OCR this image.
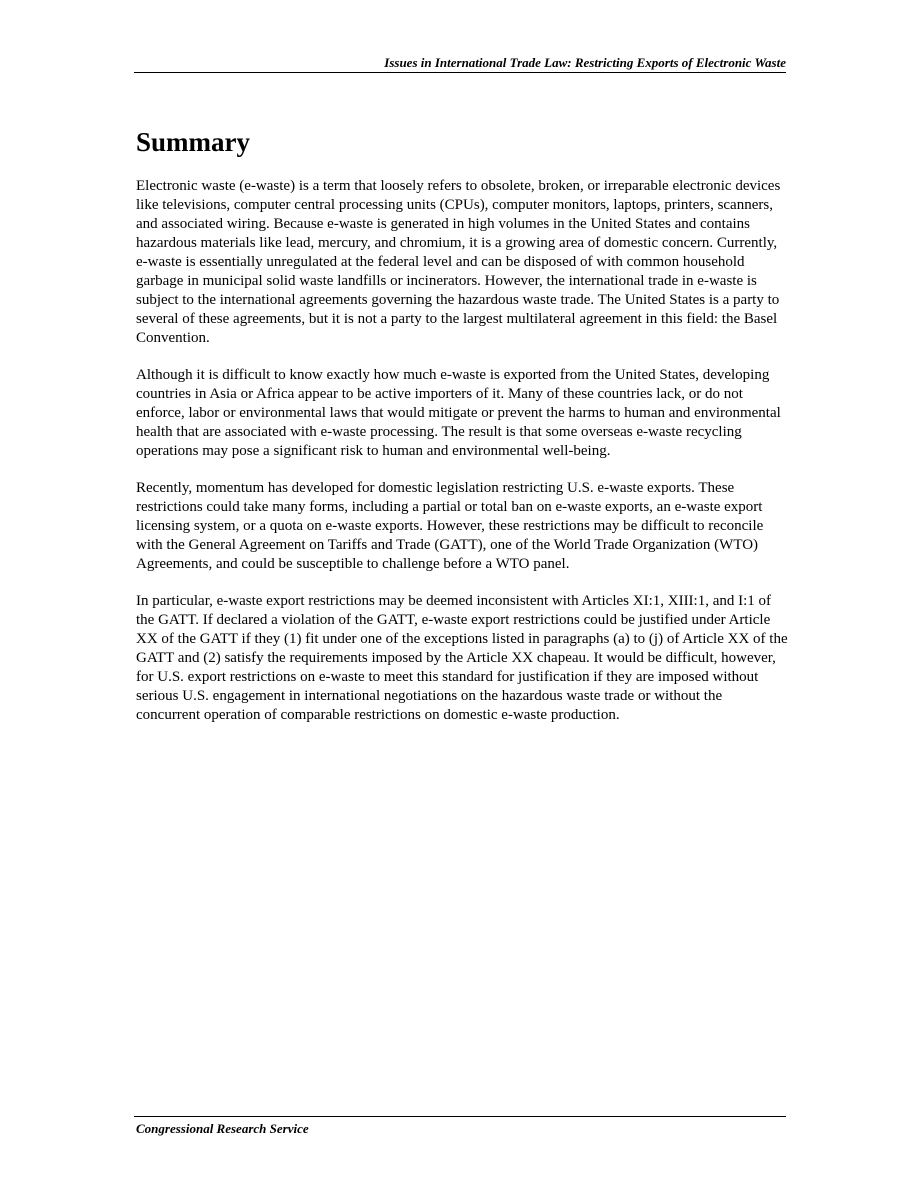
Issues in International Trade Law: Restricting Exports of Electronic Waste
Summary

Electronic waste (e-waste) is a term that loosely refers to obsolete, broken, or irreparable electronic devices like televisions, computer central processing units (CPUs), computer monitors, laptops, printers, scanners, and associated wiring. Because e-waste is generated in high volumes in the United States and contains hazardous materials like lead, mercury, and chromium, it is a growing area of domestic concern. Currently, e-waste is essentially unregulated at the federal level and can be disposed of with common household garbage in municipal solid waste landfills or incinerators. However, the international trade in e-waste is subject to the international agreements governing the hazardous waste trade. The United States is a party to several of these agreements, but it is not a party to the largest multilateral agreement in this field: the Basel Convention.

Although it is difficult to know exactly how much e-waste is exported from the United States, developing countries in Asia or Africa appear to be active importers of it. Many of these countries lack, or do not enforce, labor or environmental laws that would mitigate or prevent the harms to human and environmental health that are associated with e-waste processing. The result is that some overseas e-waste recycling operations may pose a significant risk to human and environmental well-being.

Recently, momentum has developed for domestic legislation restricting U.S. e-waste exports. These restrictions could take many forms, including a partial or total ban on e-waste exports, an e-waste export licensing system, or a quota on e-waste exports. However, these restrictions may be difficult to reconcile with the General Agreement on Tariffs and Trade (GATT), one of the World Trade Organization (WTO) Agreements, and could be susceptible to challenge before a WTO panel.

In particular, e-waste export restrictions may be deemed inconsistent with Articles XI:1, XIII:1, and I:1 of the GATT. If declared a violation of the GATT, e-waste export restrictions could be justified under Article XX of the GATT if they (1) fit under one of the exceptions listed in paragraphs (a) to (j) of Article XX of the GATT and (2) satisfy the requirements imposed by the Article XX chapeau. It would be difficult, however, for U.S. export restrictions on e-waste to meet this standard for justification if they are imposed without serious U.S. engagement in international negotiations on the hazardous waste trade or without the concurrent operation of comparable restrictions on domestic e-waste production.

Congressional Research Service
